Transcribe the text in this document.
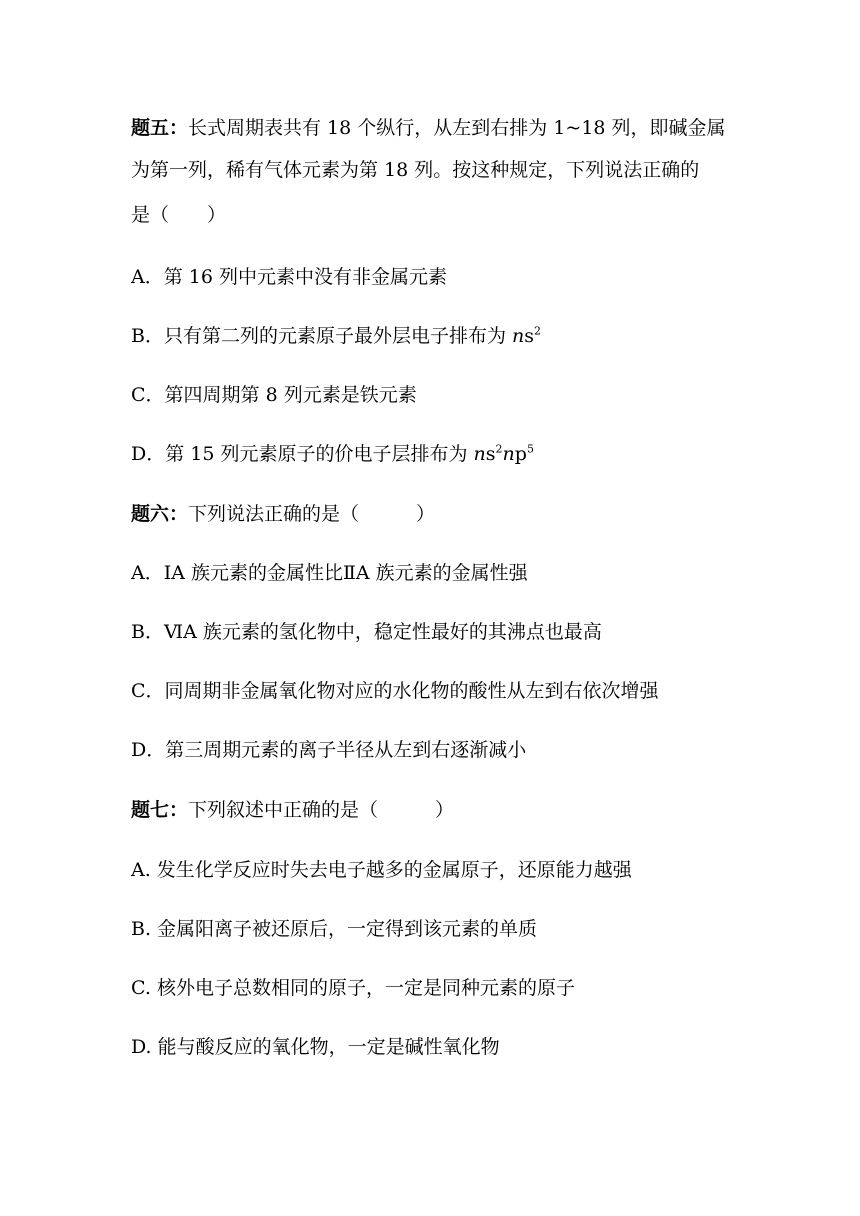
题五：长式周期表共有 18 个纵行，从左到右排为 1~18 列，即碱金属
为第一列，稀有气体元素为第 18 列。按这种规定，下列说法正确的
是（　　）
A．第 16 列中元素中没有非金属元素
B．只有第二列的元素原子最外层电子排布为 $ns^2$
C．第四周期第 8 列元素是铁元素
D．第 15 列元素原子的价电子层排布为 $ns^2np^5$
题六：下列说法正确的是（　　　）
A．ⅠA 族元素的金属性比ⅡA 族元素的金属性强
B．ⅥA 族元素的氢化物中，稳定性最好的其沸点也最高
C．同周期非金属氧化物对应的水化物的酸性从左到右依次增强
D．第三周期元素的离子半径从左到右逐渐减小
题七：下列叙述中正确的是（　　　）
A. 发生化学反应时失去电子越多的金属原子，还原能力越强
B. 金属阳离子被还原后，一定得到该元素的单质
C. 核外电子总数相同的原子，一定是同种元素的原子
D. 能与酸反应的氧化物，一定是碱性氧化物
